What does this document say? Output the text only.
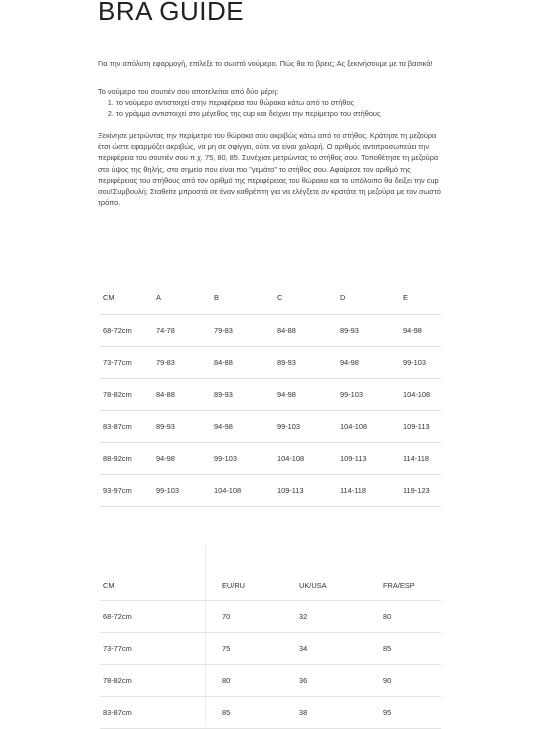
BRA GUIDE
Για την απόλυτη εφαρμογή, επίλεξε το σωστό νούμερο. Πώς θα το βρεις; Ας ξεκινήσουμε με τα βασικά!
Το νούμερο του σουτιέν σου αποτελείται από δύο μέρη:
1. το νούμερο αντιστοιχεί στην περιφέρεια του θώρακα κάτω από το στήθος
2. το γράμμα αντιστοιχεί στο μέγεθος της cup και δείχνει την περίμετρο του στήθους
Ξεκίνησε μετρώντας την περίμετρο του θώρακα σου ακριβώς κάτω από το στήθος. Κράτησε τη μεζούρα έτσι ώστε εφαρμόζει ακριβώς, να μη σε σφίγγει, ούτε να είναι χαλαρή. Ο αριθμός αντιπροσωπεύει την περιφέρεια του σουτιέν σου π.χ. 75, 80, 85. Συνέχισε μετρώντας το στήθος σου. Τοποθέτησε τη μεζούρα στο ύψος της θηλής, στο σημείο που είναι πιο "γεμάτο" το στήθος σου. Αφαίρεσε τον αριθμό της περιφέρειας του στήθους από τον αριθμό της περιφέρειας του θώρακα και το υπόλοιπο θα δείξει την cup σου!Συμβουλή: Σταθείτε μπροστά σε έναν καθρέπτη για να ελέγξετε αν κρατάτε τη μεζούρα με τον σωστό τρόπο.
CM	A	B	C	D	E
68-72cm	74-78	79-83	84-88	89-93	94-98
73-77cm	79-83	84-88	89-93	94-98	99-103
78-82cm	84-88	89-93	94-98	99-103	104-108
83-87cm	89-93	94-98	99-103	104-108	109-113
88-92cm	94-98	99-103	104-108	109-113	114-118
93-97cm	99-103	104-108	109-113	114-118	119-123
CM	EU/RU	UK/USA	FRA/ESP
68-72cm	70	32	80
73-77cm	75	34	85
78-82cm	80	36	90
83-87cm	85	38	95
